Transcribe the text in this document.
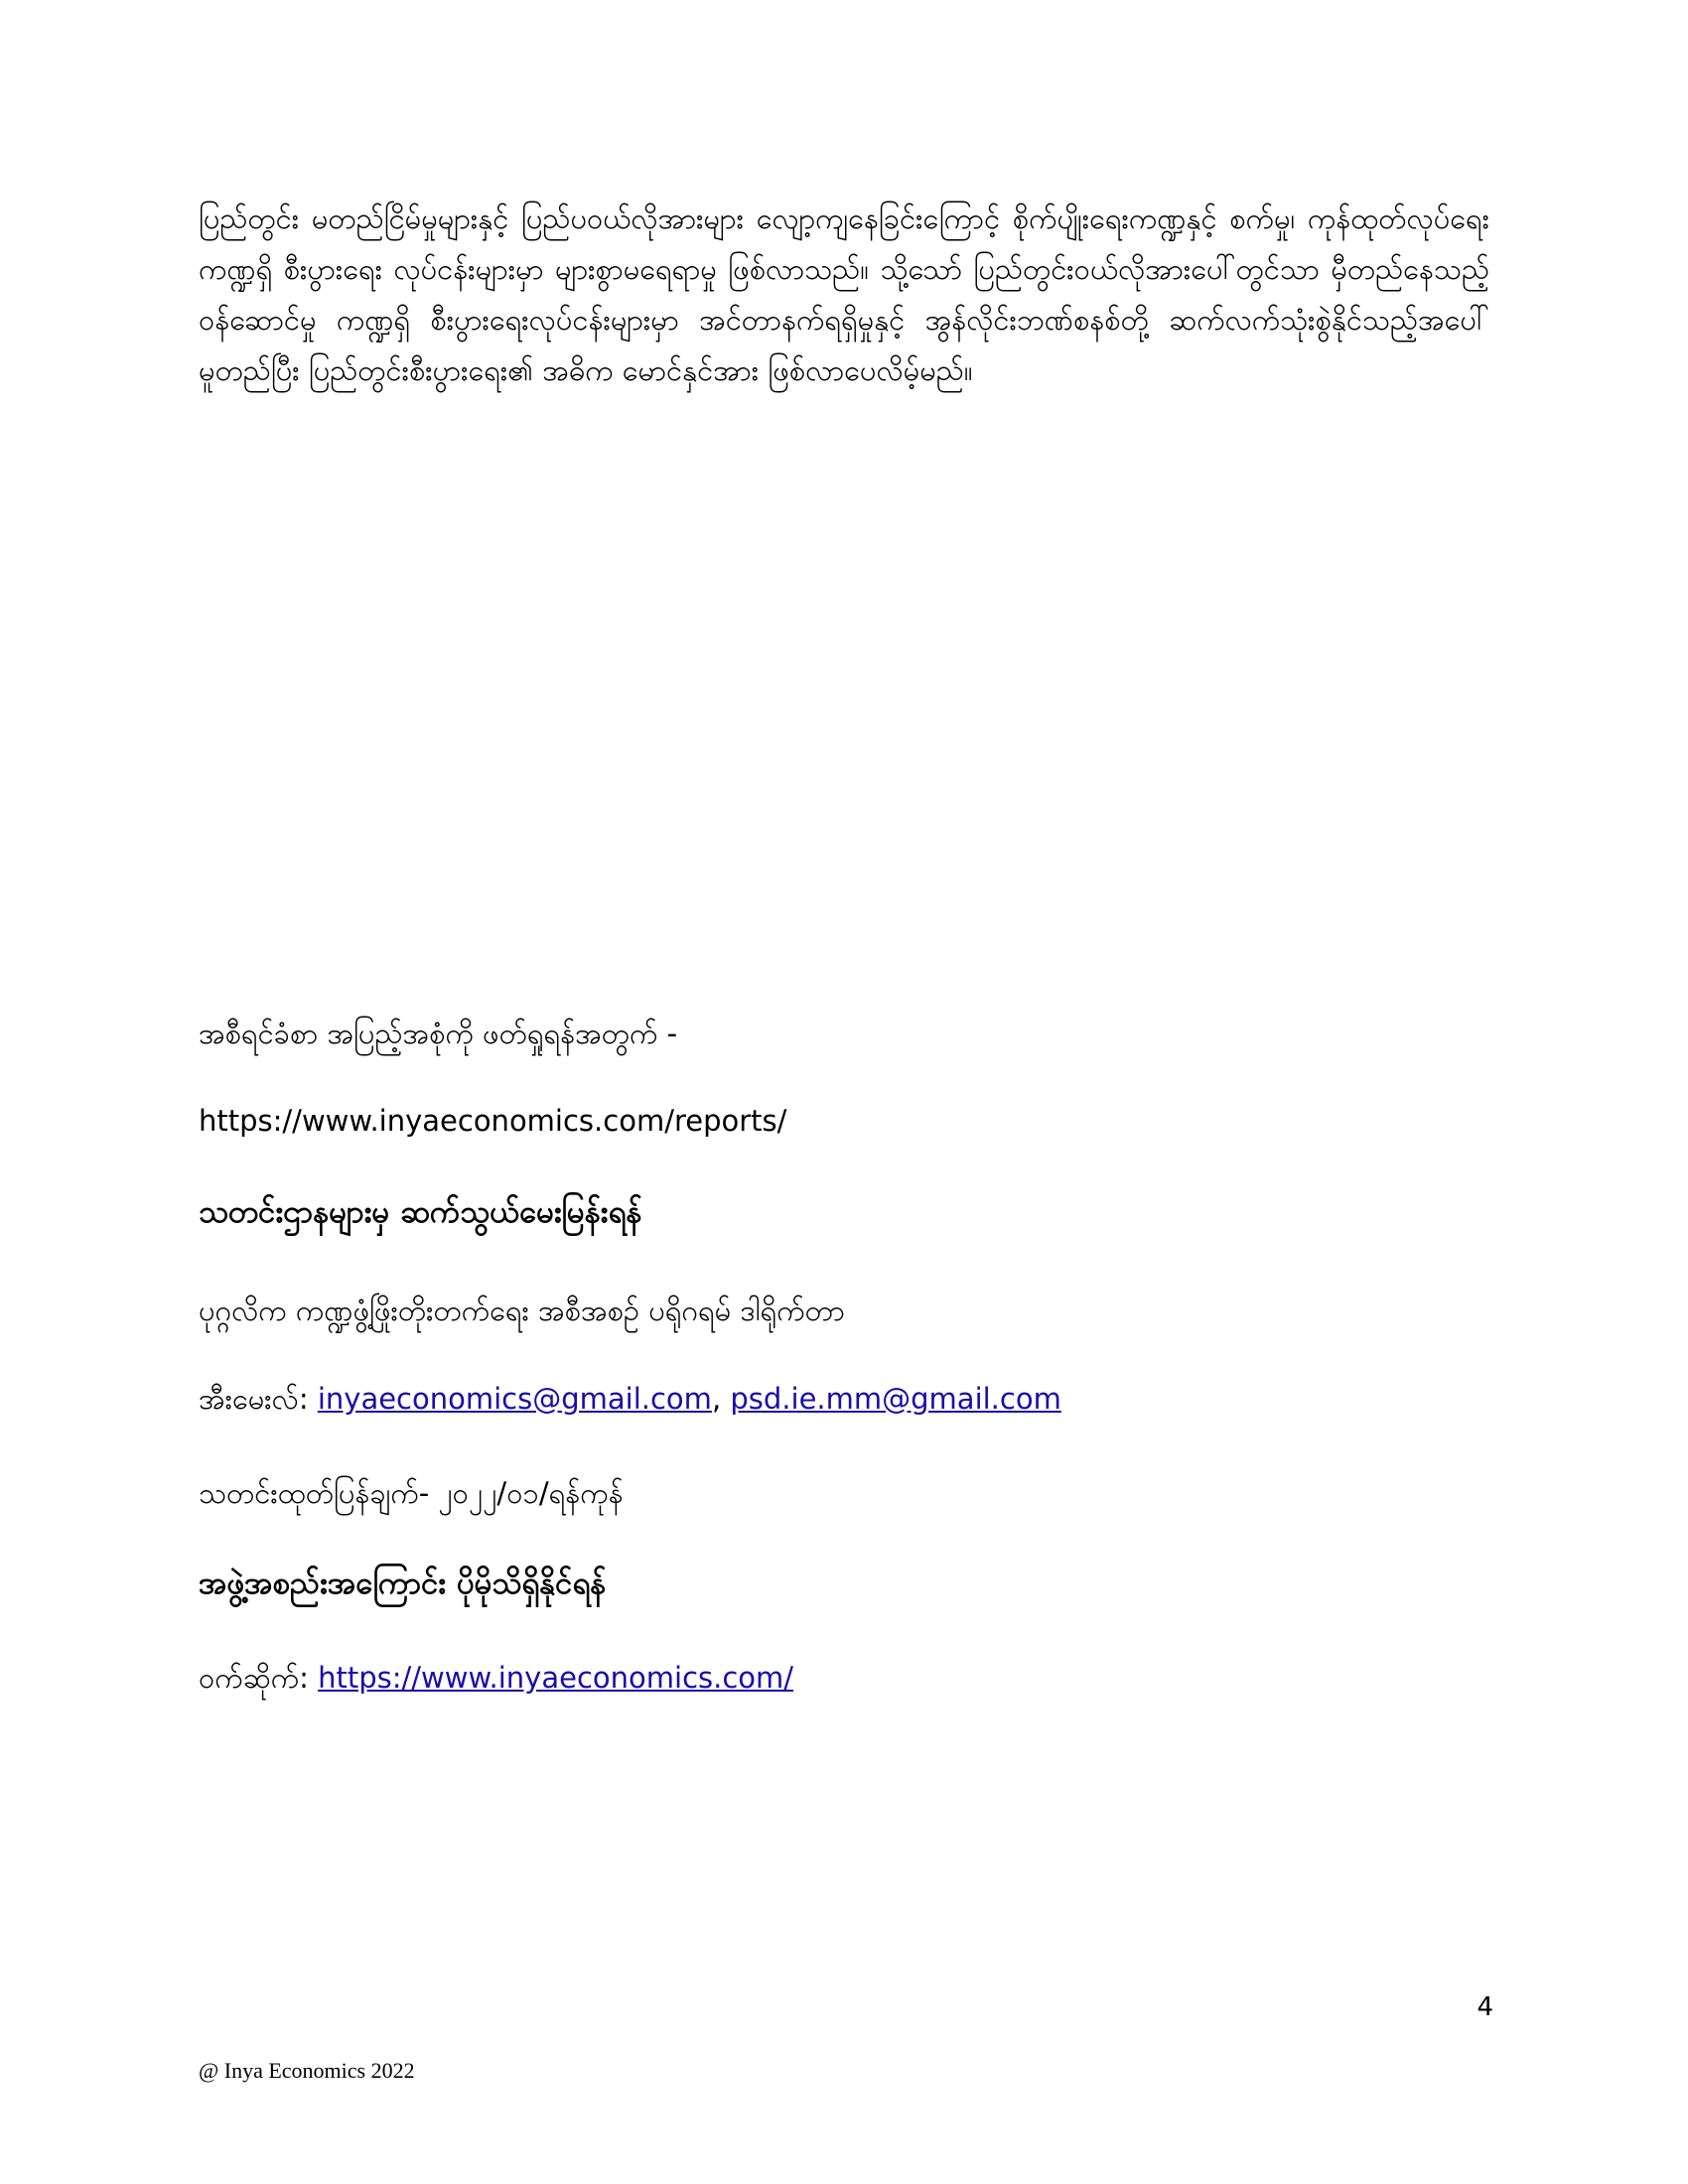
ပြည်တွင်း မတည်ငြိမ်မှုများနှင့် ပြည်ပဝယ်လိုအားများ လျော့ကျနေခြင်းကြောင့် စိုက်ပျိုးရေးကဏ္ဍနှင့် စက်မှု၊ ကုန်ထုတ်လုပ်ရေးကဏ္ဍရှိ စီးပွားရေး လုပ်ငန်းများမှာ များစွာမရေရာမှု ဖြစ်လာသည်။ သို့သော် ပြည်တွင်းဝယ်လိုအားပေါ်တွင်သာ မှီတည်နေသည့် ဝန်ဆောင်မှု ကဏ္ဍရှိ စီးပွားရေးလုပ်ငန်းများမှာ အင်တာနက်ရရှိမှုနှင့် အွန်လိုင်းဘဏ်စနစ်တို့ ဆက်လက်သုံးစွဲနိုင်သည့်အပေါ် မူတည်ပြီး ပြည်တွင်းစီးပွားရေး၏ အဓိက မောင်နှင်အား ဖြစ်လာပေလိမ့်မည်။

အစီရင်ခံစာ အပြည့်အစုံကို ဖတ်ရှုရန်အတွက် -

https://www.inyaeconomics.com/reports/

သတင်းဌာနများမှ ဆက်သွယ်မေးမြန်းရန်

ပုဂ္ဂလိက ကဏ္ဍဖွံ့ဖြိုးတိုးတက်ရေး အစီအစဉ် ပရိုဂရမ် ဒါရိုက်တာ

အီးမေးလ်: inyaeconomics@gmail.com, psd.ie.mm@gmail.com

သတင်းထုတ်ပြန်ချက်- ၂၀၂၂/၀၁/ရန်ကုန်

အဖွဲ့အစည်းအကြောင်း ပိုမိုသိရှိနိုင်ရန်

ဝက်ဆိုက်: https://www.inyaeconomics.com/

4

@ Inya Economics 2022
